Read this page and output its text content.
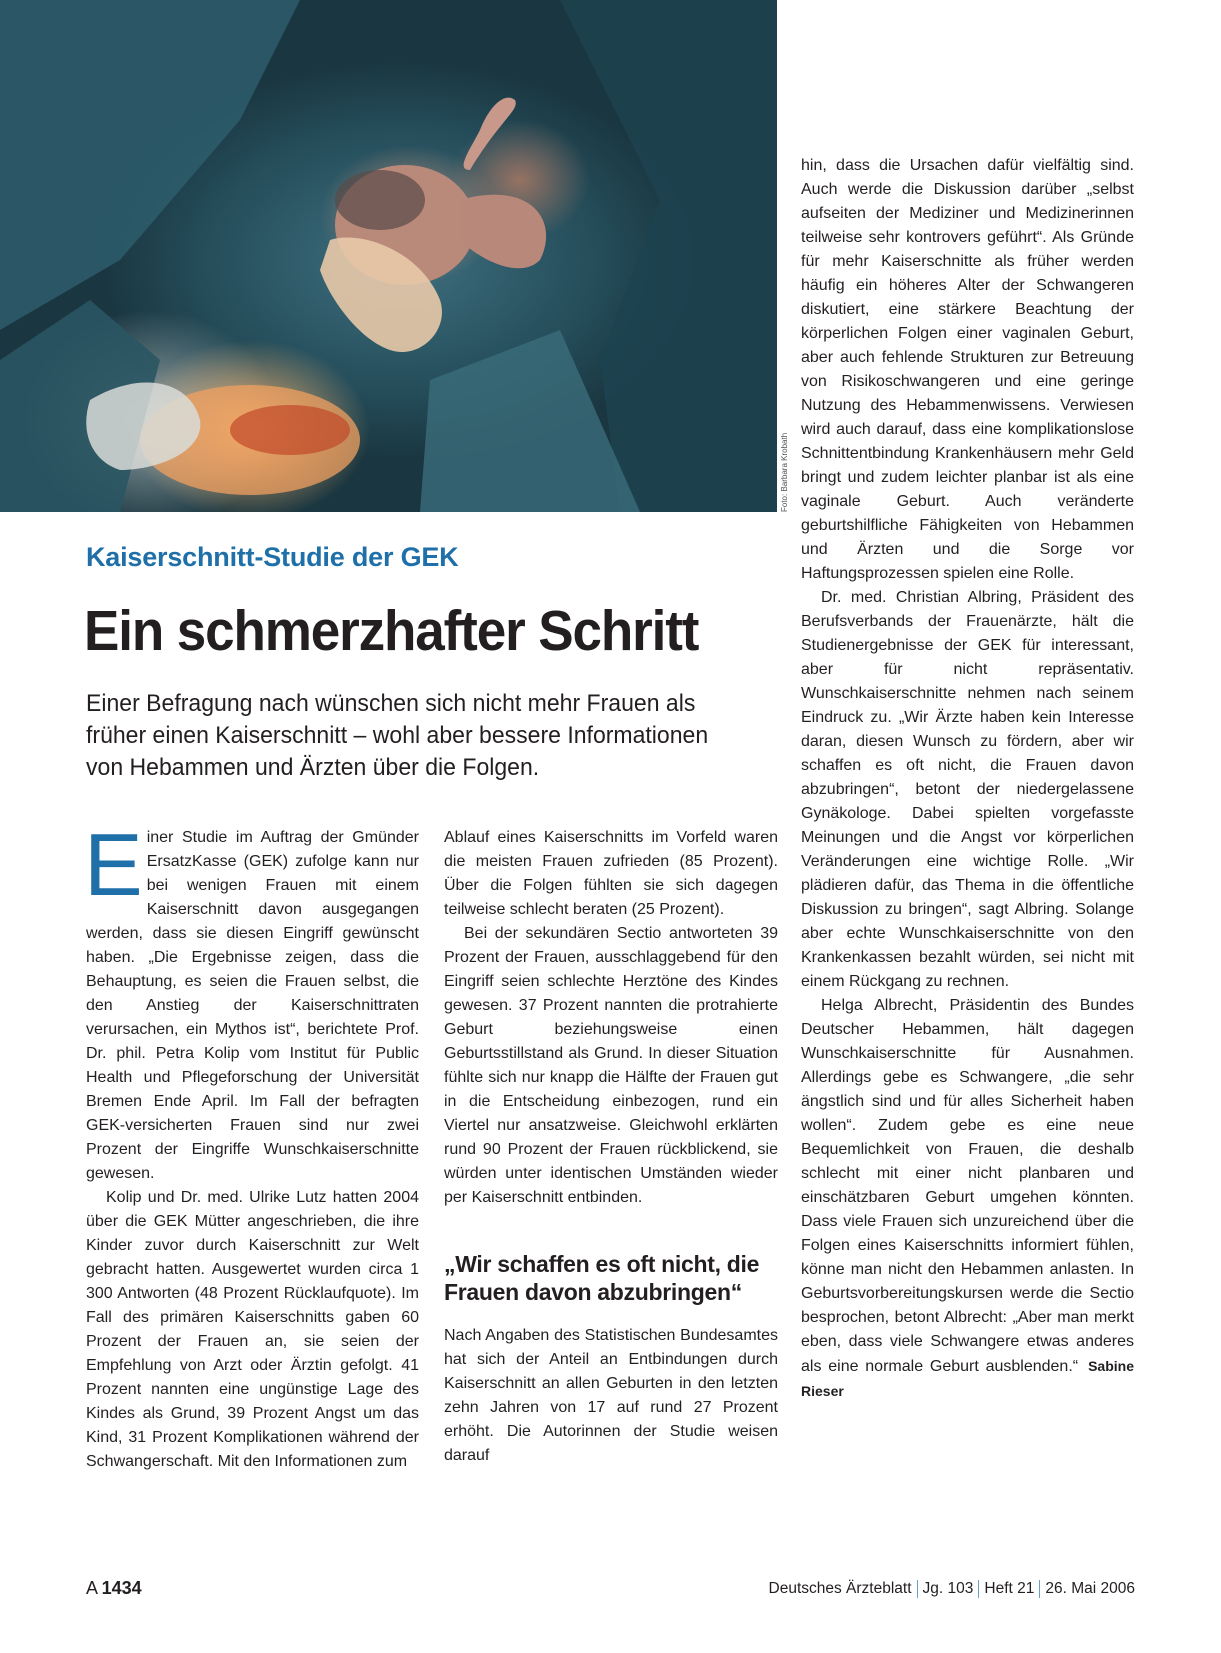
Foto: Barbara Krobath
Kaiserschnitt-Studie der GEK
Ein schmerzhafter Schritt

Einer Befragung nach wünschen sich nicht mehr Frauen als früher einen Kaiserschnitt – wohl aber bessere Informationen von Hebammen und Ärzten über die Folgen.

Einer Studie im Auftrag der Gmünder ErsatzKasse (GEK) zufolge kann nur bei wenigen Frauen mit einem Kaiserschnitt davon ausgegangen werden, dass sie diesen Eingriff gewünscht haben. „Die Ergebnisse zeigen, dass die Behauptung, es seien die Frauen selbst, die den Anstieg der Kaiserschnittraten verursachen, ein Mythos ist“, berichtete Prof. Dr. phil. Petra Kolip vom Institut für Public Health und Pflegeforschung der Universität Bremen Ende April. Im Fall der befragten GEK-versicherten Frauen sind nur zwei Prozent der Eingriffe Wunschkaiserschnitte gewesen.

Kolip und Dr. med. Ulrike Lutz hatten 2004 über die GEK Mütter angeschrieben, die ihre Kinder zuvor durch Kaiserschnitt zur Welt gebracht hatten. Ausgewertet wurden circa 1 300 Antworten (48 Prozent Rücklaufquote). Im Fall des primären Kaiserschnitts gaben 60 Prozent der Frauen an, sie seien der Empfehlung von Arzt oder Ärztin gefolgt. 41 Prozent nannten eine ungünstige Lage des Kindes als Grund, 39 Prozent Angst um das Kind, 31 Prozent Komplikationen während der Schwangerschaft. Mit den Informationen zum

Ablauf eines Kaiserschnitts im Vorfeld waren die meisten Frauen zufrieden (85 Prozent). Über die Folgen fühlten sie sich dagegen teilweise schlecht beraten (25 Prozent).

Bei der sekundären Sectio antworteten 39 Prozent der Frauen, ausschlaggebend für den Eingriff seien schlechte Herztöne des Kindes gewesen. 37 Prozent nannten die protrahierte Geburt beziehungsweise einen Geburtsstillstand als Grund. In dieser Situation fühlte sich nur knapp die Hälfte der Frauen gut in die Entscheidung einbezogen, rund ein Viertel nur ansatzweise. Gleichwohl erklärten rund 90 Prozent der Frauen rückblickend, sie würden unter identischen Umständen wieder per Kaiserschnitt entbinden.

„Wir schaffen es oft nicht, die Frauen davon abzubringen“

Nach Angaben des Statistischen Bundesamtes hat sich der Anteil an Entbindungen durch Kaiserschnitt an allen Geburten in den letzten zehn Jahren von 17 auf rund 27 Prozent erhöht. Die Autorinnen der Studie weisen darauf

hin, dass die Ursachen dafür vielfältig sind. Auch werde die Diskussion darüber „selbst aufseiten der Mediziner und Medizinerinnen teilweise sehr kontrovers geführt“. Als Gründe für mehr Kaiserschnitte als früher werden häufig ein höheres Alter der Schwangeren diskutiert, eine stärkere Beachtung der körperlichen Folgen einer vaginalen Geburt, aber auch fehlende Strukturen zur Betreuung von Risikoschwangeren und eine geringe Nutzung des Hebammenwissens. Verwiesen wird auch darauf, dass eine komplikationslose Schnittentbindung Krankenhäusern mehr Geld bringt und zudem leichter planbar ist als eine vaginale Geburt. Auch veränderte geburtshilfliche Fähigkeiten von Hebammen und Ärzten und die Sorge vor Haftungsprozessen spielen eine Rolle.

Dr. med. Christian Albring, Präsident des Berufsverbands der Frauenärzte, hält die Studienergebnisse der GEK für interessant, aber für nicht repräsentativ. Wunschkaiserschnitte nehmen nach seinem Eindruck zu. „Wir Ärzte haben kein Interesse daran, diesen Wunsch zu fördern, aber wir schaffen es oft nicht, die Frauen davon abzubringen“, betont der niedergelassene Gynäkologe. Dabei spielten vorgefasste Meinungen und die Angst vor körperlichen Veränderungen eine wichtige Rolle. „Wir plädieren dafür, das Thema in die öffentliche Diskussion zu bringen“, sagt Albring. Solange aber echte Wunschkaiserschnitte von den Krankenkassen bezahlt würden, sei nicht mit einem Rückgang zu rechnen.

Helga Albrecht, Präsidentin des Bundes Deutscher Hebammen, hält dagegen Wunschkaiserschnitte für Ausnahmen. Allerdings gebe es Schwangere, „die sehr ängstlich sind und für alles Sicherheit haben wollen“. Zudem gebe es eine neue Bequemlichkeit von Frauen, die deshalb schlecht mit einer nicht planbaren und einschätzbaren Geburt umgehen könnten. Dass viele Frauen sich unzureichend über die Folgen eines Kaiserschnitts informiert fühlen, könne man nicht den Hebammen anlasten. In Geburtsvorbereitungskursen werde die Sectio besprochen, betont Albrecht: „Aber man merkt eben, dass viele Schwangere etwas anderes als eine normale Geburt ausblenden.“ Sabine Rieser

A  1434	Deutsches Ärzteblatt Jg. 103 Heft 21 26. Mai 2006
